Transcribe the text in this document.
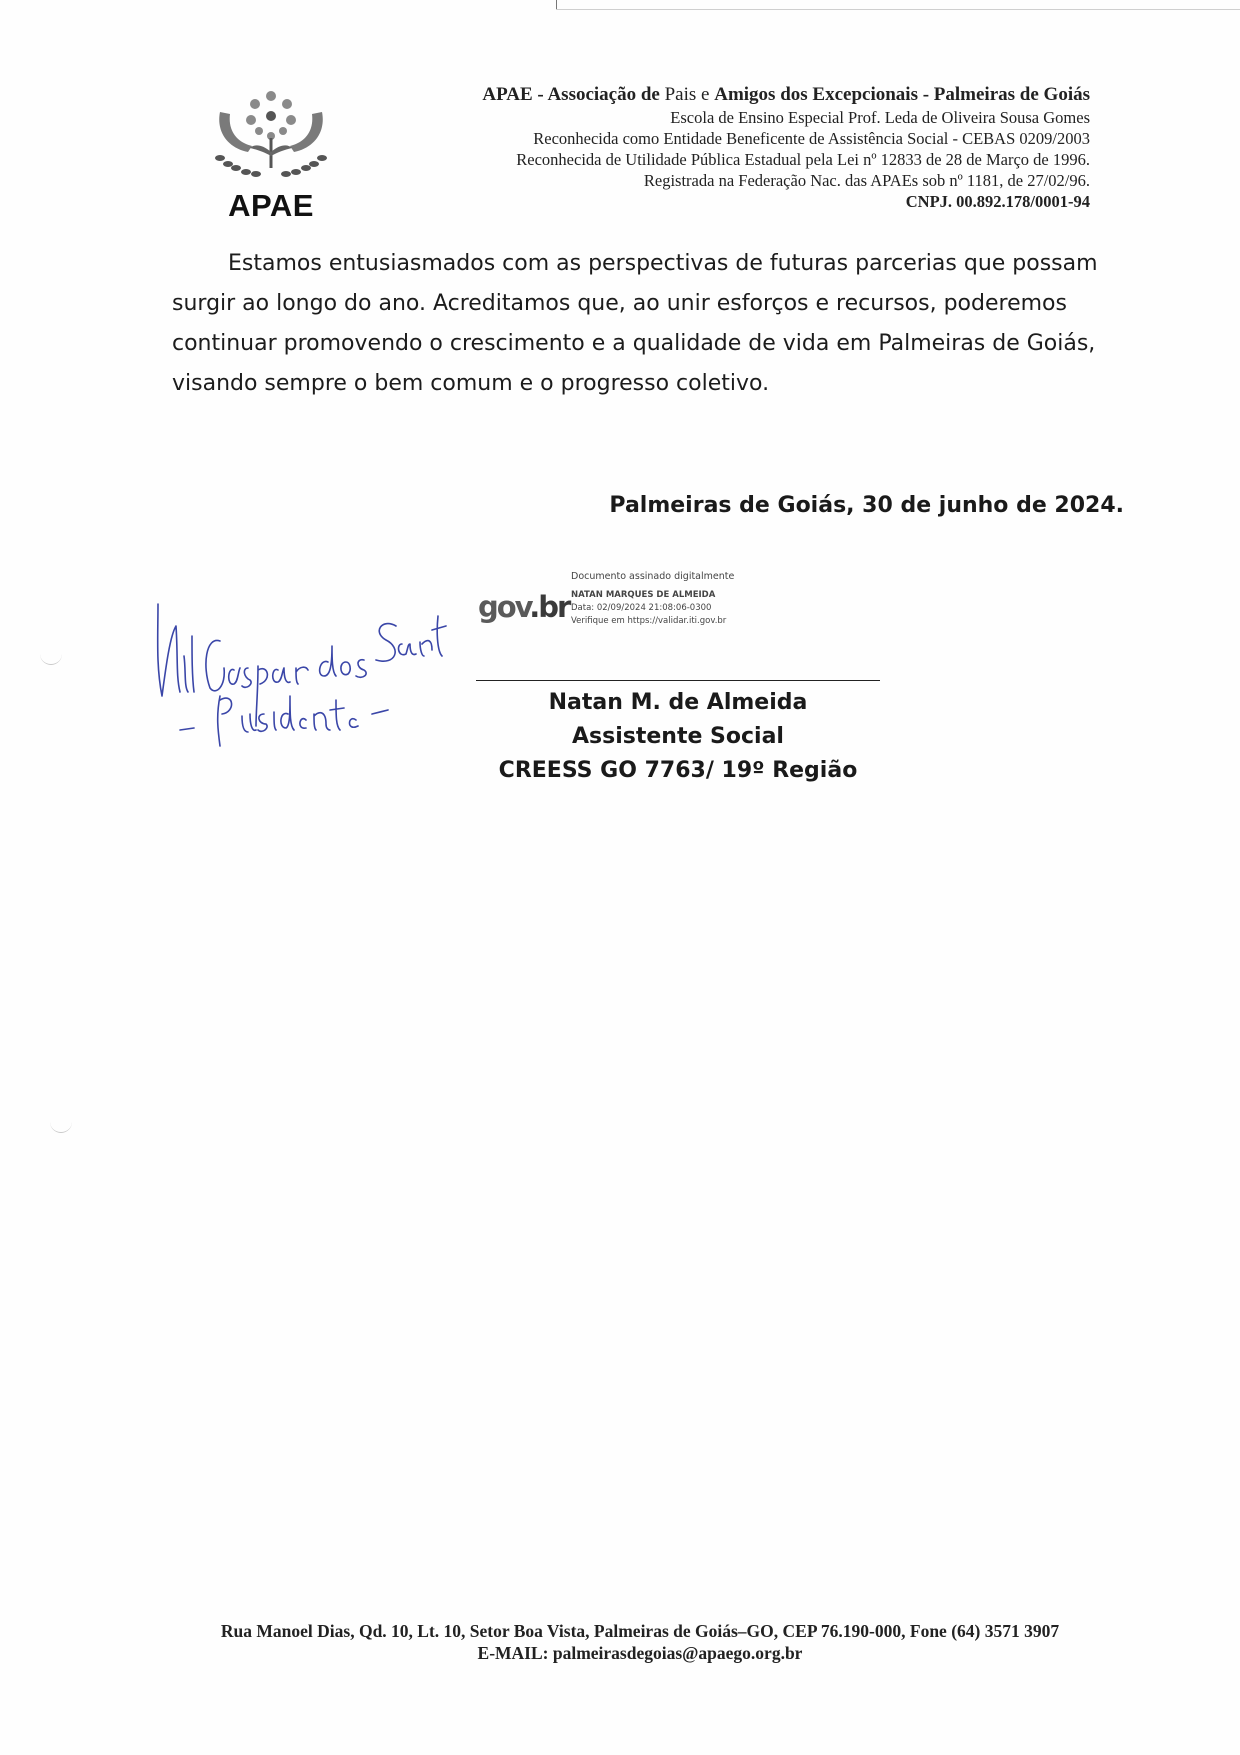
APAE
APAE - Associação de Pais e Amigos dos Excepcionais - Palmeiras de Goiás
Escola de Ensino Especial Prof. Leda de Oliveira Sousa Gomes
Reconhecida como Entidade Beneficente de Assistência Social - CEBAS 0209/2003
Reconhecida de Utilidade Pública Estadual pela Lei nº 12833 de 28 de Março de 1996.
Registrada na Federação Nac. das APAEs sob nº 1181, de 27/02/96.
CNPJ. 00.892.178/0001-94
Estamos entusiasmados com as perspectivas de futuras parcerias que possam
surgir ao longo do ano. Acreditamos que, ao unir esforços e recursos, poderemos
continuar promovendo o crescimento e a qualidade de vida em Palmeiras de Goiás,
visando sempre o bem comum e o progresso coletivo.
Palmeiras de Goiás, 30 de junho de 2024.
gov.br
Documento assinado digitalmente
NATAN MARQUES DE ALMEIDA
Data: 02/09/2024 21:08:06-0300
Verifique em https://validar.iti.gov.br
Natan M. de Almeida
Assistente Social
CREESS GO 7763/ 19º Região
Rua Manoel Dias, Qd. 10, Lt. 10, Setor Boa Vista, Palmeiras de Goiás–GO, CEP 76.190-000, Fone (64) 3571 3907
E-MAIL: palmeirasdegoias@apaego.org.br
